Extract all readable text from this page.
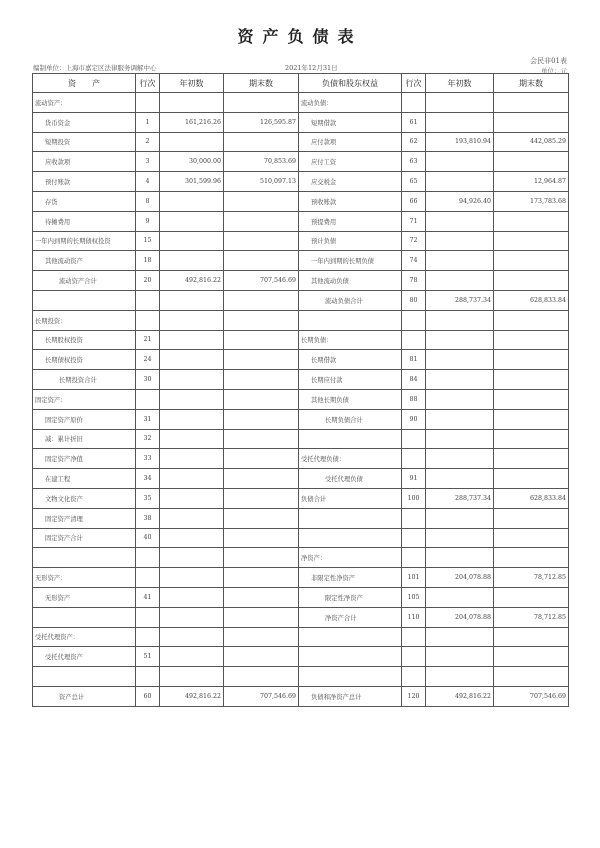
资产负债表
会民非01表
单位：元
编制单位：上海市嘉定区法律服务调解中心	2021年12月31日
资　　产	行次	年初数	期末数	负债和股东权益	行次	年初数	期末数
流动资产：				流动负债：			
货币资金	1	161,216.26	126,595.87	短期借款	61		
短期投资	2			应付款项	62	193,810.94	442,085.29
应收款项	3	30,000.00	70,853.69	应付工资	63		
预付账款	4	301,599.96	510,097.13	应交税金	65		12,964.87
存货	8			预收账款	66	94,926.40	173,783.68
待摊费用	9			预提费用	71		
一年内到期的长期债权投资	15			预计负债	72		
其他流动资产	18			一年内到期的长期负债	74		
流动资产合计	20	492,816.22	707,546.69	其他流动负债	78		
				流动负债合计	80	288,737.34	628,833.84
长期投资：							
长期股权投资	21			长期负债：			
长期债权投资	24			长期借款	81		
长期投资合计	30			长期应付款	84		
固定资产：				其他长期负债	88		
固定资产原价	31			长期负债合计	90		
减：累计折旧	32						
固定资产净值	33			受托代理负债：			
在建工程	34			受托代理负债	91		
文物文化资产	35			负债合计	100	288,737.34	628,833.84
固定资产清理	38						
固定资产合计	40						
				净资产：			
无形资产：				非限定性净资产	101	204,078.88	78,712.85
无形资产	41			限定性净资产	105		
				净资产合计	110	204,078.88	78,712.85
受托代理资产：							
受托代理资产	51						

资产总计	60	492,816.22	707,546.69	负债和净资产总计	120	492,816.22	707,546.69
